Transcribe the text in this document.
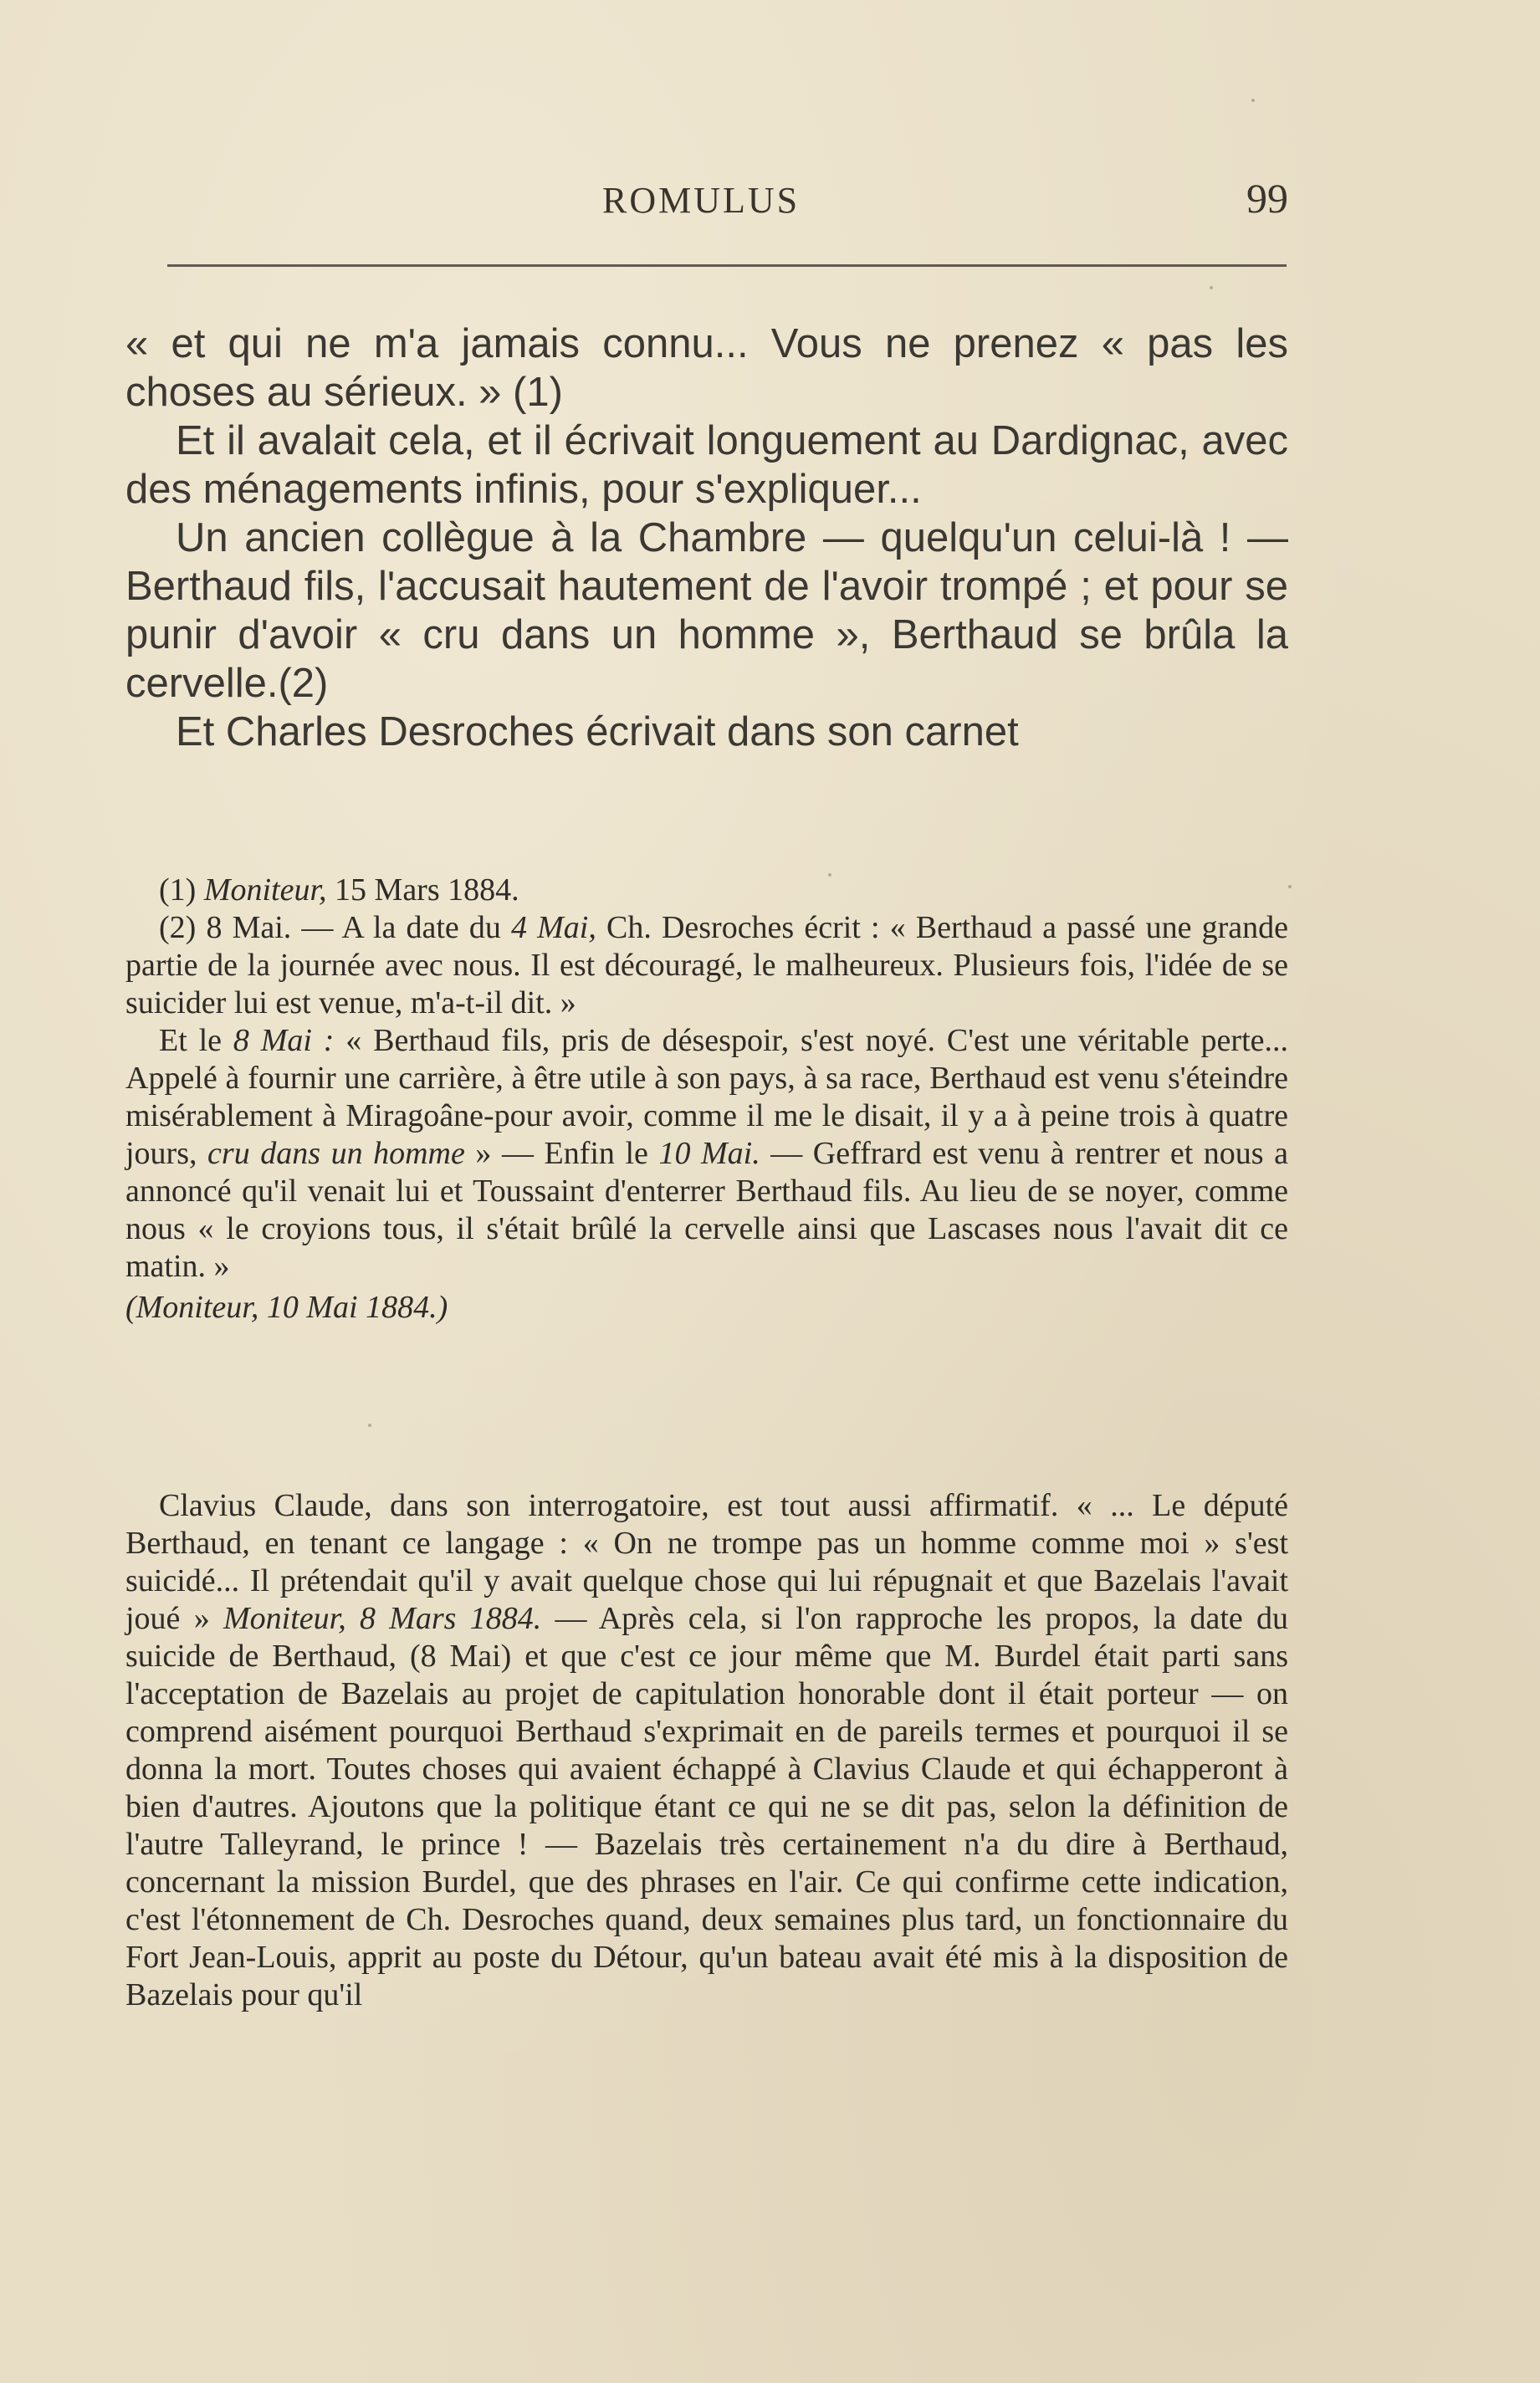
ROMULUS	99

« et qui ne m'a jamais connu... Vous ne prenez « pas les choses au sérieux. » (1)

Et il avalait cela, et il écrivait longuement au Dardignac, avec des ménagements infinis, pour s'expliquer...

Un ancien collègue à la Chambre — quelqu'un celui-là ! — Berthaud fils, l'accusait hautement de l'avoir trompé ; et pour se punir d'avoir « cru dans un homme », Berthaud se brûla la cervelle.(2)

Et Charles Desroches écrivait dans son carnet

(1) Moniteur, 15 Mars 1884.

(2) 8 Mai. — A la date du 4 Mai, Ch. Desroches écrit : « Berthaud a passé une grande partie de la journée avec nous. Il est découragé, le malheureux. Plusieurs fois, l'idée de se suicider lui est venue, m'a-t-il dit. »

Et le 8 Mai : « Berthaud fils, pris de désespoir, s'est noyé. C'est une véritable perte... Appelé à fournir une carrière, à être utile à son pays, à sa race, Berthaud est venu s'éteindre misérablement à Miragoâne-pour avoir, comme il me le disait, il y a à peine trois à quatre jours, cru dans un homme » — Enfin le 10 Mai. — Geffrard est venu à rentrer et nous a annoncé qu'il venait lui et Toussaint d'enterrer Berthaud fils. Au lieu de se noyer, comme nous « le croyions tous, il s'était brûlé la cervelle ainsi que Lascases nous l'avait dit ce matin. »

(Moniteur, 10 Mai 1884.)

Clavius Claude, dans son interrogatoire, est tout aussi affirmatif. « ... Le député Berthaud, en tenant ce langage : « On ne trompe pas un homme comme moi » s'est suicidé... Il prétendait qu'il y avait quelque chose qui lui répugnait et que Bazelais l'avait joué » Moniteur, 8 Mars 1884. — Après cela, si l'on rapproche les propos, la date du suicide de Berthaud, (8 Mai) et que c'est ce jour même que M. Burdel était parti sans l'acceptation de Bazelais au projet de capitulation honorable dont il était porteur — on comprend aisément pourquoi Berthaud s'exprimait en de pareils termes et pourquoi il se donna la mort. Toutes choses qui avaient échappé à Clavius Claude et qui échapperont à bien d'autres. Ajoutons que la politique étant ce qui ne se dit pas, selon la définition de l'autre Talleyrand, le prince ! — Bazelais très certainement n'a du dire à Berthaud, concernant la mission Burdel, que des phrases en l'air. Ce qui confirme cette indication, c'est l'étonnement de Ch. Desroches quand, deux semaines plus tard, un fonctionnaire du Fort Jean-Louis, apprit au poste du Détour, qu'un bateau avait été mis à la disposition de Bazelais pour qu'il
